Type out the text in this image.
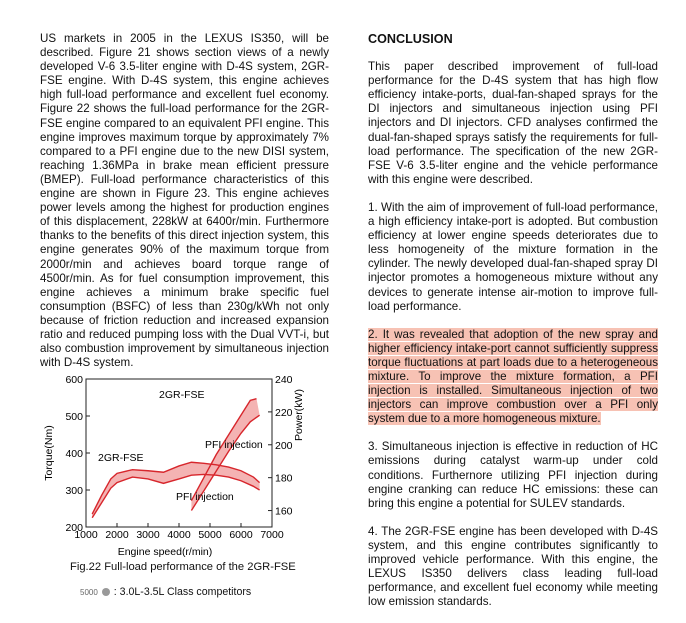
US markets in 2005 in the LEXUS IS350, will be described. Figure 21 shows section views of a newly developed V-6 3.5-liter engine with D-4S system, 2GR-FSE engine. With D-4S system, this engine achieves high full-load performance and excellent fuel economy. Figure 22 shows the full-load performance for the 2GR-FSE engine compared to an equivalent PFI engine. This engine improves maximum torque by approximately 7% compared to a PFI engine due to the new DISI system, reaching 1.36MPa in brake mean efficient pressure (BMEP). Full-load performance characteristics of this engine are shown in Figure 23. This engine achieves power levels among the highest for production engines of this displacement, 228kW at 6400r/min. Furthermore thanks to the benefits of this direct injection system, this engine generates 90% of the maximum torque from 2000r/min and achieves board torque range of 4500r/min. As for fuel consumption improvement, this engine achieves a minimum brake specific fuel consumption (BSFC) of less than 230g/kWh not only because of friction reduction and increased expansion ratio and reduced pumping loss with the Dual VVT-i, but also combustion improvement by simultaneous injection with D-4S system.

1000 2000 3000 4000 5000 6000 7000
200
300
400
500
600
160
180
200
220
240
Engine speed(r/min)
Torque(Nm)
Power(kW)
2GR-FSE
PFI injection
2GR-FSE
PFI injection
Fig.22 Full-load performance of the 2GR-FSE
5000 : 3.0L-3.5L Class competitors
CONCLUSION

This paper described improvement of full-load performance for the D-4S system that has high flow efficiency intake-ports, dual-fan-shaped sprays for the DI injectors and simultaneous injection using PFI injectors and DI injectors. CFD analyses confirmed the dual-fan-shaped sprays satisfy the requirements for full-load performance. The specification of the new 2GR-FSE V-6 3.5-liter engine and the vehicle performance with this engine were described.

1. With the aim of improvement of full-load performance, a high efficiency intake-port is adopted. But combustion efficiency at lower engine speeds deteriorates due to less homogeneity of the mixture formation in the cylinder. The newly developed dual-fan-shaped spray DI injector promotes a homogeneous mixture without any devices to generate intense air-motion to improve full-load performance.

2. It was revealed that adoption of the new spray and higher efficiency intake-port cannot sufficiently suppress torque fluctuations at part loads due to a heterogeneous mixture. To improve the mixture formation, a PFI injection is installed. Simultaneous injection of two injectors can improve combustion over a PFI only system due to a more homogeneous mixture.

3. Simultaneous injection is effective in reduction of HC emissions during catalyst warm-up under cold conditions. Furthernore utilizing PFI injection during engine cranking can reduce HC emissions: these can bring this engine a potential for SULEV standards.

4. The 2GR-FSE engine has been developed with D-4S system, and this engine contributes significantly to improved vehicle performance. With this engine, the LEXUS IS350 delivers class leading full-load performance, and excellent fuel economy while meeting low emission standards.
